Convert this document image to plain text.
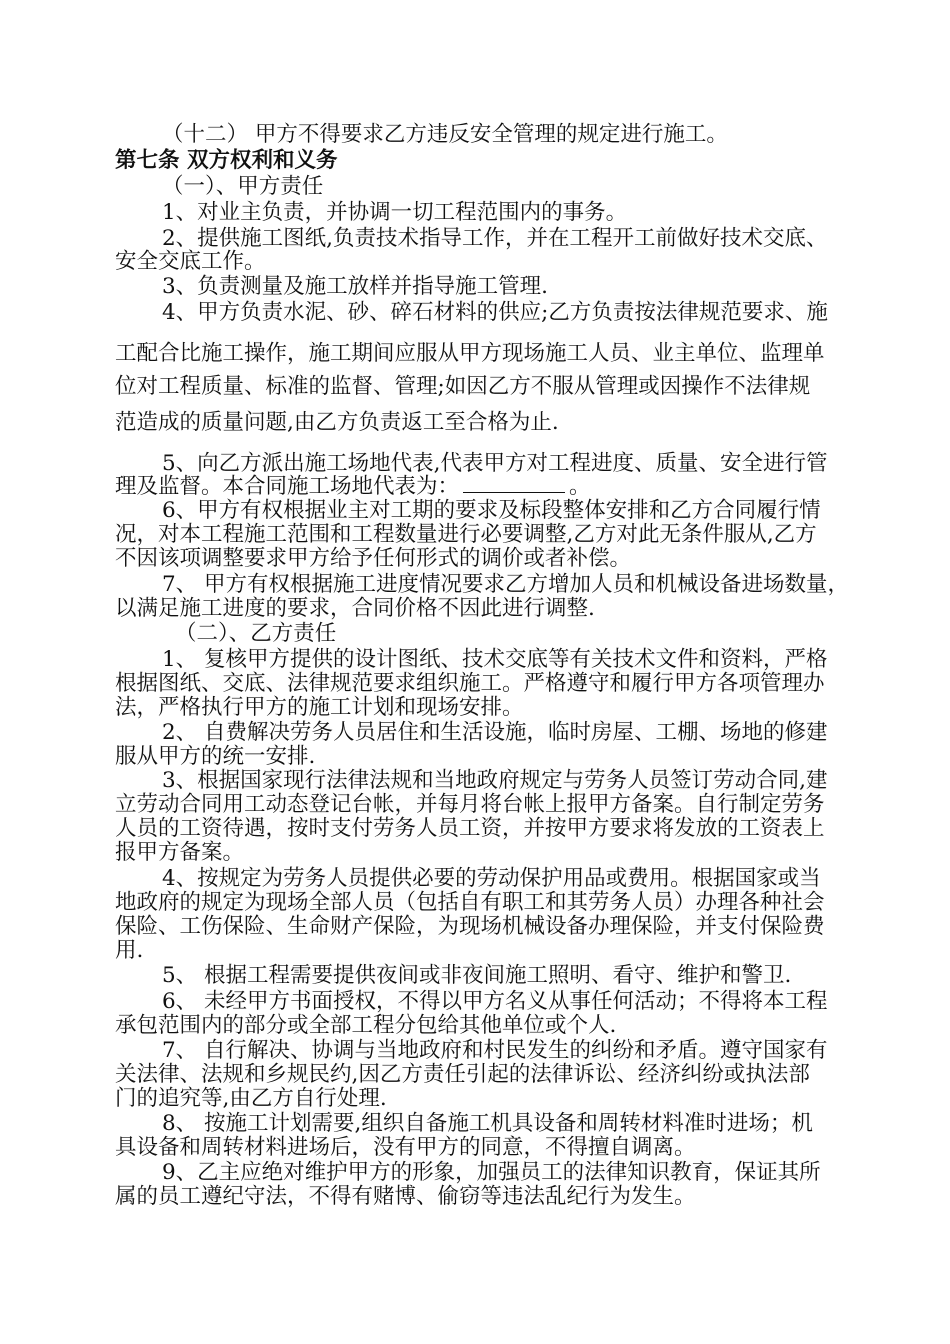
（十二） 甲方不得要求乙方违反安全管理的规定进行施工。
第七条 双方权利和义务
（一）、甲方责任
1、对业主负责，并协调一切工程范围内的事务。
2、提供施工图纸,负责技术指导工作，并在工程开工前做好技术交底、
安全交底工作。
3、负责测量及施工放样并指导施工管理.
4、甲方负责水泥、砂、碎石材料的供应;乙方负责按法律规范要求、施
工配合比施工操作，施工期间应服从甲方现场施工人员、业主单位、监理单
位对工程质量、标准的监督、管理;如因乙方不服从管理或因操作不法律规
范造成的质量问题,由乙方负责返工至合格为止.
5、向乙方派出施工场地代表,代表甲方对工程进度、质量、安全进行管
理及监督。本合同施工场地代表为：	。
6、甲方有权根据业主对工期的要求及标段整体安排和乙方合同履行情
况，对本工程施工范围和工程数量进行必要调整,乙方对此无条件服从,乙方
不因该项调整要求甲方给予任何形式的调价或者补偿。
7、 甲方有权根据施工进度情况要求乙方增加人员和机械设备进场数量，
以满足施工进度的要求，合同价格不因此进行调整.
（二）、乙方责任
1、 复核甲方提供的设计图纸、技术交底等有关技术文件和资料，严格
根据图纸、交底、法律规范要求组织施工。严格遵守和履行甲方各项管理办
法，严格执行甲方的施工计划和现场安排。
2、 自费解决劳务人员居住和生活设施，临时房屋、工棚、场地的修建
服从甲方的统一安排.
3、根据国家现行法律法规和当地政府规定与劳务人员签订劳动合同,建
立劳动合同用工动态登记台帐，并每月将台帐上报甲方备案。自行制定劳务
人员的工资待遇，按时支付劳务人员工资，并按甲方要求将发放的工资表上
报甲方备案。
4、按规定为劳务人员提供必要的劳动保护用品或费用。根据国家或当
地政府的规定为现场全部人员（包括自有职工和其劳务人员）办理各种社会
保险、工伤保险、生命财产保险，为现场机械设备办理保险，并支付保险费
用.
5、 根据工程需要提供夜间或非夜间施工照明、看守、维护和警卫.
6、 未经甲方书面授权，不得以甲方名义从事任何活动；不得将本工程
承包范围内的部分或全部工程分包给其他单位或个人.
7、 自行解决、协调与当地政府和村民发生的纠纷和矛盾。遵守国家有
关法律、法规和乡规民约,因乙方责任引起的法律诉讼、经济纠纷或执法部
门的追究等,由乙方自行处理.
8、 按施工计划需要,组织自备施工机具设备和周转材料准时进场；机
具设备和周转材料进场后，没有甲方的同意，不得擅自调离。
9、乙主应绝对维护甲方的形象，加强员工的法律知识教育，保证其所
属的员工遵纪守法，不得有赌博、偷窃等违法乱纪行为发生。
